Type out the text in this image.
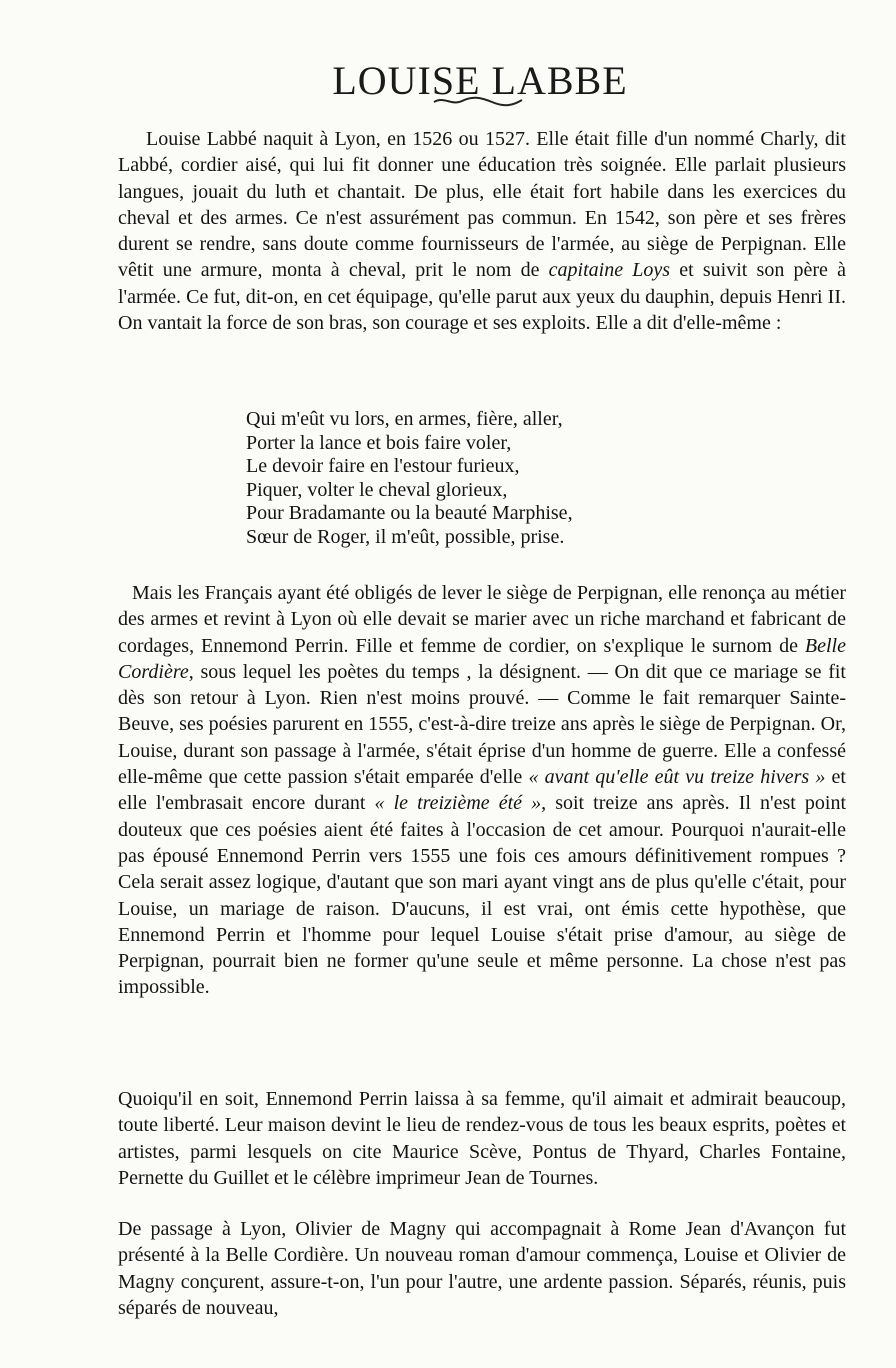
LOUISE LABBE

Louise Labbé naquit à Lyon, en 1526 ou 1527. Elle était fille d'un nommé Charly, dit Labbé, cordier aisé, qui lui fit donner une éducation très soignée. Elle parlait plusieurs langues, jouait du luth et chantait. De plus, elle était fort habile dans les exercices du cheval et des armes. Ce n'est assurément pas commun. En 1542, son père et ses frères durent se rendre, sans doute comme fournisseurs de l'armée, au siège de Perpignan. Elle vêtit une armure, monta à cheval, prit le nom de capitaine Loys et suivit son père à l'armée. Ce fut, dit-on, en cet équipage, qu'elle parut aux yeux du dauphin, depuis Henri II. On vantait la force de son bras, son courage et ses exploits. Elle a dit d'elle-même :

Qui m'eût vu lors, en armes, fière, aller,
Porter la lance et bois faire voler,
Le devoir faire en l'estour furieux,
Piquer, volter le cheval glorieux,
Pour Bradamante ou la beauté Marphise,
Sœur de Roger, il m'eût, possible, prise.

Mais les Français ayant été obligés de lever le siège de Perpignan, elle renonça au métier des armes et revint à Lyon où elle devait se marier avec un riche marchand et fabricant de cordages, Ennemond Perrin. Fille et femme de cordier, on s'explique le surnom de Belle Cordière, sous lequel les poètes du temps , la désignent. — On dit que ce mariage se fit dès son retour à Lyon. Rien n'est moins prouvé. — Comme le fait remarquer Sainte-Beuve, ses poésies parurent en 1555, c'est-à-dire treize ans après le siège de Perpignan. Or, Louise, durant son passage à l'armée, s'était éprise d'un homme de guerre. Elle a confessé elle-même que cette passion s'était emparée d'elle « avant qu'elle eût vu treize hivers » et elle l'embrasait encore durant « le treizième été », soit treize ans après. Il n'est point douteux que ces poésies aient été faites à l'occasion de cet amour. Pourquoi n'aurait-elle pas épousé Ennemond Perrin vers 1555 une fois ces amours définitivement rompues ? Cela serait assez logique, d'autant que son mari ayant vingt ans de plus qu'elle c'était, pour Louise, un mariage de raison. D'aucuns, il est vrai, ont émis cette hypothèse, que Ennemond Perrin et l'homme pour lequel Louise s'était prise d'amour, au siège de Perpignan, pourrait bien ne former qu'une seule et même personne. La chose n'est pas impossible.

Quoiqu'il en soit, Ennemond Perrin laissa à sa femme, qu'il aimait et admirait beaucoup, toute liberté. Leur maison devint le lieu de rendez-vous de tous les beaux esprits, poètes et artistes, parmi lesquels on cite Maurice Scève, Pontus de Thyard, Charles Fontaine, Pernette du Guillet et le célèbre imprimeur Jean de Tournes.

De passage à Lyon, Olivier de Magny qui accompagnait à Rome Jean d'Avançon fut présenté à la Belle Cordière. Un nouveau roman d'amour commença, Louise et Olivier de Magny conçurent, assure-t-on, l'un pour l'autre, une ardente passion. Séparés, réunis, puis séparés de nouveau,
